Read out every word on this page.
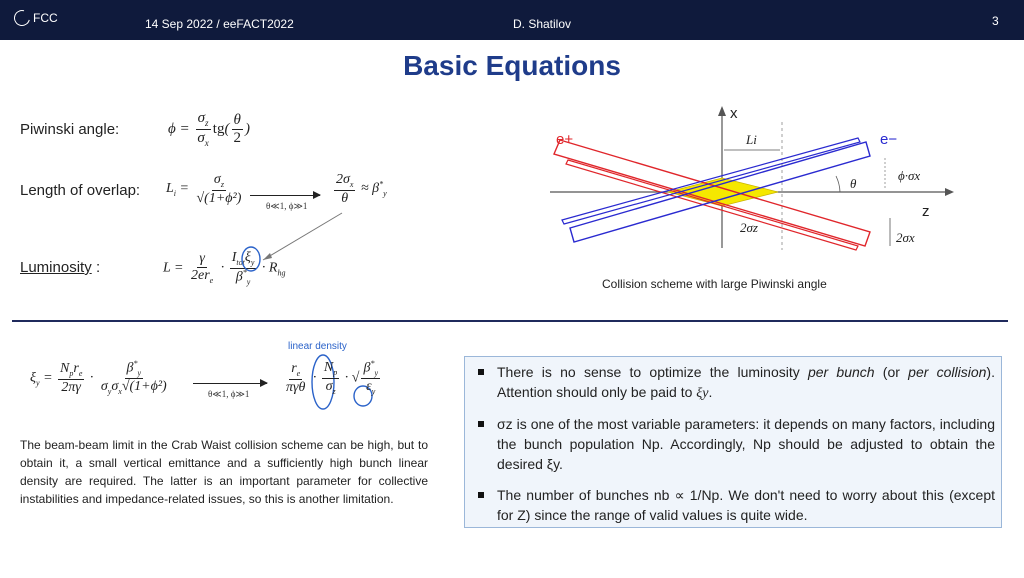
FCC	14 Sep 2022 / eeFACT2022	D. Shatilov	3
Basic Equations
Piwinski angle:	$\phi = \frac{\sigma_z}{\sigma_x} tg( \frac{\theta}{2}$ )
Length of overlap: $L_i = \frac{\sigma_z}{\text{√(1+ϕ²)}}$
θ≪1, ϕ≫1
$\frac{2\sigma_x}{\theta} \approx \beta^*_y$
Luminosity :	$L = \frac{\gamma}{2er_e} \cdot \frac{I_{tot}\xi_y}{\beta^*_y} \cdot R_{hg}$
linear density
$\xi_y = \frac{N_pr_e}{2\pi\gamma} \cdot \frac{\beta^*_y}{\sigma_y\sigma_x√(1+\phi^2)}$	θ≪1, ϕ≫1 $\frac{r_e}{\text{πγθ}} \cdot \frac{N_p}{\sigma_z}$ · √ $\frac{\beta^*_y}{\varepsilon_y}$
The beam-beam limit in the Crab Waist collision scheme can be high, but to obtain it, a small vertical emittance and a sufficiently high bunch linear density are required. The latter is an important parameter for collective instabilities and impedance-related issues, so this is another limitation.
There is no sense to optimize the luminosity per bunch (or per collision). Attention should only be paid to ξy.
σz is one of the most variable parameters: it depends on many factors, including the bunch population Np. Accordingly, Np should be adjusted to obtain the desired ξy.
The number of bunches nb ∝ 1/Np. We don't need to worry about this (except for Z) since the range of valid values is quite wide.
x
z
e+	e−
Li
ϕ·σx
θ
2σz
2σx
Collision scheme with large Piwinski angle
